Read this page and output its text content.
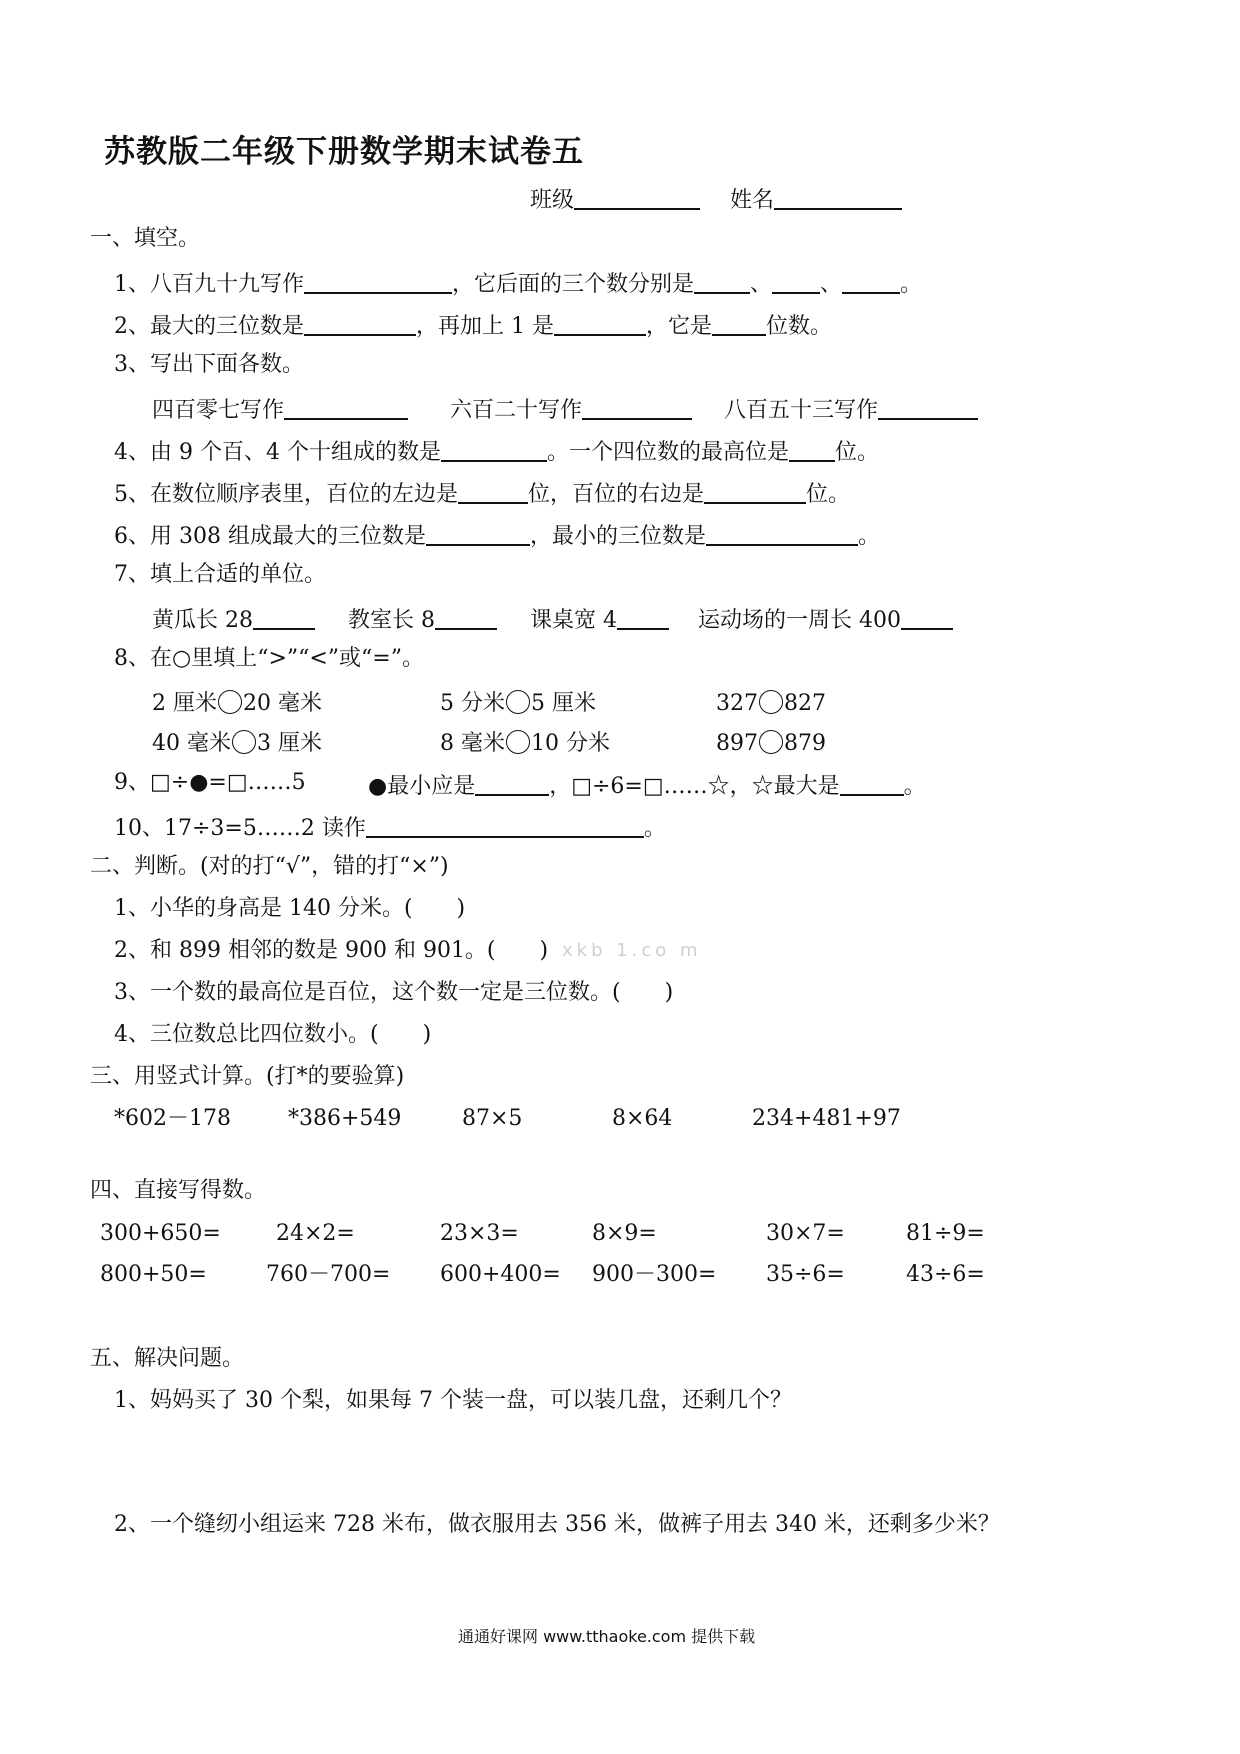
苏教版二年级下册数学期末试卷五
班级	姓名
一、填空。
1、八百九十九写作	，它后面的三个数分别是	、 、	。
2、最大的三位数是	，再加上 1 是	，它是 位数。
3、写出下面各数。
四百零七写作	六百二十写作	八百五十三写作
4、由 9 个百、4 个十组成的数是	。一个四位数的最高位是 位。
5、在数位顺序表里，百位的左边是	位，百位的右边是	位。
6、用 308 组成最大的三位数是	，最小的三位数是	。
7、填上合适的单位。
黄瓜长 28	教室长 8	课桌宽 4	运动场的一周长 400
8、在○里填上“>”“<”或“=”。
2 厘米 20 毫米	5 分米 5 厘米	327 827
40 毫米 3 厘米	8 毫米 10 分米	897 879
9、□÷●=□……5	●最小应是	，□÷6=□……☆，☆最大是	。
10、17÷3=5……2 读作	。
二、判断。(对的打“√”，错的打“×”)
1、小华的身高是 140 分米。(　　)
2、和 899 相邻的数是 900 和 901。(　　) xkb 1.co m
3、一个数的最高位是百位，这个数一定是三位数。(　　)
4、三位数总比四位数小。(　　)
三、用竖式计算。(打*的要验算)
*602－178	*386+549	87×5	8×64	234+481+97
四、直接写得数。
300+650=	24×2=	23×3=	8×9=	30×7=	81÷9=
800+50=	760－700= 600+400= 900－300= 35÷6=	43÷6=
五、解决问题。
1、妈妈买了 30 个梨，如果每 7 个装一盘，可以装几盘，还剩几个？
2、一个缝纫小组运来 728 米布，做衣服用去 356 米，做裤子用去 340 米，还剩多少米？
通通好课网 www.tthaoke.com 提供下载
